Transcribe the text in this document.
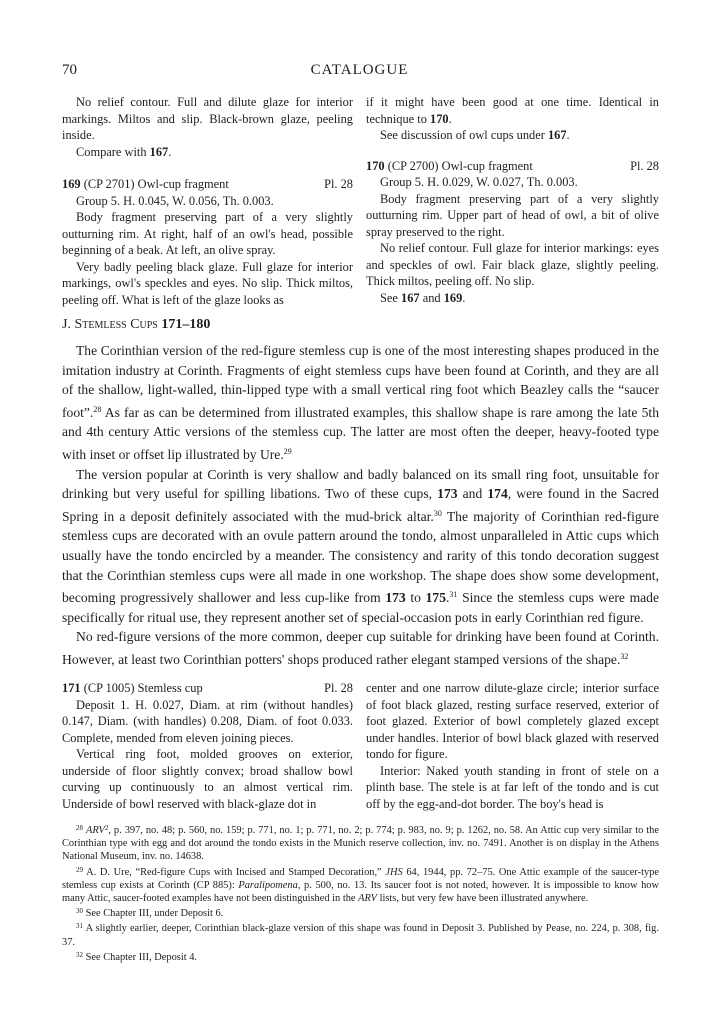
70	CATALOGUE

No relief contour. Full and dilute glaze for interior markings. Miltos and slip. Black-brown glaze, peeling inside.

Compare with 167.

169 (CP 2701) Owl-cup fragment	Pl. 28

Group 5. H. 0.045, W. 0.056, Th. 0.003.

Body fragment preserving part of a very slightly outturning rim. At right, half of an owl's head, possible beginning of a beak. At left, an olive spray.

Very badly peeling black glaze. Full glaze for interior markings, owl's speckles and eyes. No slip. Thick miltos, peeling off. What is left of the glaze looks as

if it might have been good at one time. Identical in technique to 170.

See discussion of owl cups under 167.

170 (CP 2700) Owl-cup fragment	Pl. 28

Group 5. H. 0.029, W. 0.027, Th. 0.003.

Body fragment preserving part of a very slightly outturning rim. Upper part of head of owl, a bit of olive spray preserved to the right.

No relief contour. Full glaze for interior markings: eyes and speckles of owl. Fair black glaze, slightly peeling. Thick miltos, peeling off. No slip.

See 167 and 169.

J. Stemless Cups 171–180

The Corinthian version of the red-figure stemless cup is one of the most interesting shapes produced in the imitation industry at Corinth. Fragments of eight stemless cups have been found at Corinth, and they are all of the shallow, light-walled, thin-lipped type with a small vertical ring foot which Beazley calls the “saucer foot”.$^{28}$ As far as can be determined from illustrated examples, this shallow shape is rare among the late 5th and 4th century Attic versions of the stemless cup. The latter are most often the deeper, heavy-footed type with inset or offset lip illustrated by Ure.$^{29}$

The version popular at Corinth is very shallow and badly balanced on its small ring foot, unsuitable for drinking but very useful for spilling libations. Two of these cups, 173 and 174, were found in the Sacred Spring in a deposit definitely associated with the mud-brick altar.$^{30}$ The majority of Corinthian red-figure stemless cups are decorated with an ovule pattern around the tondo, almost unparalleled in Attic cups which usually have the tondo encircled by a meander. The consistency and rarity of this tondo decoration suggest that the Corinthian stemless cups were all made in one workshop. The shape does show some development, becoming progressively shallower and less cup-like from 173 to 175.31 Since the stemless cups were made specifically for ritual use, they represent another set of special-occasion pots in early Corinthian red figure.

No red-figure versions of the more common, deeper cup suitable for drinking have been found at Corinth. However, at least two Corinthian potters' shops produced rather elegant stamped versions of the shape.$^{32}$

171 (CP 1005) Stemless cup	Pl. 28

Deposit 1. H. 0.027, Diam. at rim (without handles) 0.147, Diam. (with handles) 0.208, Diam. of foot 0.033. Complete, mended from eleven joining pieces.

Vertical ring foot, molded grooves on exterior, underside of floor slightly convex; broad shallow bowl curving up continuously to an almost vertical rim. Underside of bowl reserved with black-glaze dot in

center and one narrow dilute-glaze circle; interior surface of foot black glazed, resting surface reserved, exterior of foot glazed. Exterior of bowl completely glazed except under handles. Interior of bowl black glazed with reserved tondo for figure.

Interior: Naked youth standing in front of stele on a plinth base. The stele is at far left of the tondo and is cut off by the egg-and-dot border. The boy's head is

$^{28}$ ARV$^2$, p. 397, no. 48; p. 560, no. 159; p. 771, no. 1; p. 771, no. 2; p. 774; p. 983, no. 9; p. 1262, no. 58. An Attic cup very similar to the Corinthian type with egg and dot around the tondo exists in the Munich reserve collection, inv. no. 7491. Another is on display in the Athens National Museum, inv. no. 14638.

$^{29}$ A. D. Ure, “Red-figure Cups with Incised and Stamped Decoration,” JHS 64, 1944, pp. 72–75. One Attic example of the saucer-type stemless cup exists at Corinth (CP 885): Paralipomena, p. 500, no. 13. Its saucer foot is not noted, however. It is impossible to know how many Attic, saucer-footed examples have not been distinguished in the ARV lists, but very few have been illustrated anywhere.

$^{30}$ See Chapter III, under Deposit 6.

$^{31}$ A slightly earlier, deeper, Corinthian black-glaze version of this shape was found in Deposit 3. Published by Pease, no. 224, p. 308, fig. 37.

$^{32}$ See Chapter III, Deposit 4.
